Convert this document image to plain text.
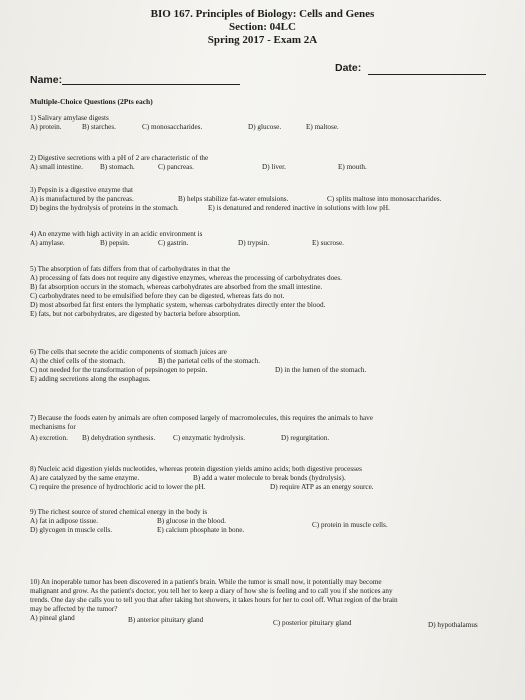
BIO 167. Principles of Biology: Cells and Genes
Section: 04LC
Spring 2017 - Exam 2A
Date:
Name:
Multiple-Choice Questions (2Pts each)
1) Salivary amylase digests
A) protein.	B) starches.	C) monosaccharides.	D) glucose.	E) maltose.
2) Digestive secretions with a pH of 2 are characteristic of the
A) small intestine. B) stomach.	C) pancreas.	D) liver.	E) mouth.
3) Pepsin is a digestive enzyme that
A) is manufactured by the pancreas.	B) helps stabilize fat-water emulsions.	C) splits maltose into monosaccharides.
D) begins the hydrolysis of proteins in the stomach.	E) is denatured and rendered inactive in solutions with low pH.
4) An enzyme with high activity in an acidic environment is
A) amylase.	B) pepsin.	C) gastrin.	D) trypsin.	E) sucrose.
5) The absorption of fats differs from that of carbohydrates in that the
A) processing of fats does not require any digestive enzymes, whereas the processing of carbohydrates does.
B) fat absorption occurs in the stomach, whereas carbohydrates are absorbed from the small intestine.
C) carbohydrates need to be emulsified before they can be digested, whereas fats do not.
D) most absorbed fat first enters the lymphatic system, whereas carbohydrates directly enter the blood.
E) fats, but not carbohydrates, are digested by bacteria before absorption.
6) The cells that secrete the acidic components of stomach juices are
A) the chief cells of the stomach.	B) the parietal cells of the stomach.
C) not needed for the transformation of pepsinogen to pepsin.	D) in the lumen of the stomach.
E) adding secretions along the esophagus.
7) Because the foods eaten by animals are often composed largely of macromolecules, this requires the animals to have
mechanisms for
A) excretion. B) dehydration synthesis. C) enzymatic hydrolysis.	D) regurgitation.
8) Nucleic acid digestion yields nucleotides, whereas protein digestion yields amino acids; both digestive processes
A) are catalyzed by the same enzyme.	B) add a water molecule to break bonds (hydrolysis).
C) require the presence of hydrochloric acid to lower the pH.	D) require ATP as an energy source.
9) The richest source of stored chemical energy in the body is
A) fat in adipose tissue.	B) glucose in the blood.	C) protein in muscle cells.
D) glycogen in muscle cells.	E) calcium phosphate in bone.
10) An inoperable tumor has been discovered in a patient's brain. While the tumor is small now, it potentially may become
malignant and grow. As the patient's doctor, you tell her to keep a diary of how she is feeling and to call you if she notices any
trends. One day she calls you to tell you that after taking hot showers, it takes hours for her to cool off. What region of the brain
may be affected by the tumor?
A) pineal gland	B) anterior pituitary gland	C) posterior pituitary gland	D) hypothalamus
